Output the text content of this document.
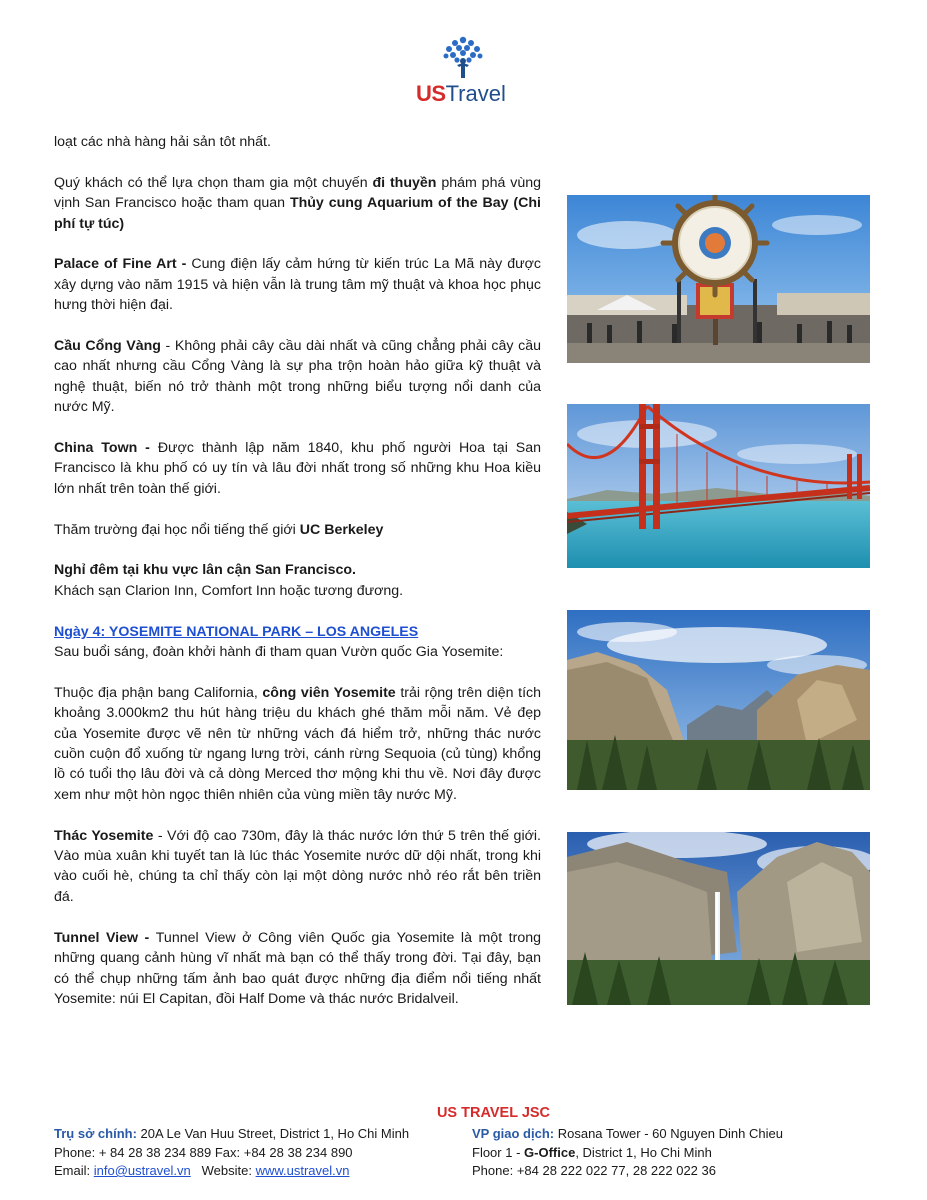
USTravel

loạt các nhà hàng hải sản tôt nhất.

Quý khách có thể lựa chọn tham gia một chuyến đi thuyền phám phá vùng vịnh San Francisco hoặc tham quan Thủy cung Aquarium of the Bay (Chi phí tự túc)

Palace of Fine Art - Cung điện lấy cảm hứng từ kiến trúc La Mã này được xây dựng vào năm 1915 và hiện vẫn là trung tâm mỹ thuật và khoa học phục hưng thời hiện đại.

Cầu Cổng Vàng - Không phải cây cầu dài nhất và cũng chẳng phải cây cầu cao nhất nhưng cầu Cổng Vàng là sự pha trộn hoàn hảo giữa kỹ thuật và nghệ thuật, biến nó trở thành một trong những biểu tượng nổi danh của nước Mỹ.

China Town - Được thành lập năm 1840, khu phố người Hoa tại San Francisco là khu phố có uy tín và lâu đời nhất trong số những khu Hoa kiều lớn nhất trên toàn thế giới.

Thăm trường đại học nổi tiếng thế giới UC Berkeley

Nghỉ đêm tại khu vực lân cận San Francisco.
Khách sạn Clarion Inn, Comfort Inn hoặc tương đương.

Ngày 4: YOSEMITE NATIONAL PARK – LOS ANGELES
Sau buổi sáng, đoàn khởi hành đi tham quan Vườn quốc Gia Yosemite:

Thuộc địa phận bang California, công viên Yosemite trải rộng trên diện tích khoảng 3.000km2 thu hút hàng triệu du khách ghé thăm mỗi năm. Vẻ đẹp của Yosemite được vẽ nên từ những vách đá hiểm trở, những thác nước cuồn cuộn đổ xuống từ ngang lưng trời, cánh rừng Sequoia (củ tùng) khổng lồ có tuổi thọ lâu đời và cả dòng Merced thơ mộng khi thu về. Nơi đây được xem như một hòn ngọc thiên nhiên của vùng miền tây nước Mỹ.

Thác Yosemite - Với độ cao 730m, đây là thác nước lớn thứ 5 trên thế giới. Vào mùa xuân khi tuyết tan là lúc thác Yosemite nước dữ dội nhất, trong khi vào cuối hè, chúng ta chỉ thấy còn lại một dòng nước nhỏ réo rắt bên triền đá.

Tunnel View - Tunnel View ở Công viên Quốc gia Yosemite là một trong những quang cảnh hùng vĩ nhất mà bạn có thể thấy trong đời. Tại đây, bạn có thể chụp những tấm ảnh bao quát được những địa điểm nổi tiếng nhất Yosemite: núi El Capitan, đồi Half Dome và thác nước Bridalveil.

US TRAVEL JSC
Trụ sở chính: 20A Le Van Huu Street, District 1, Ho Chi Minh
Phone: + 84 28 38 234 889 Fax: +84 28 38 234 890
Email: info@ustravel.vn   Website: www.ustravel.vn
VP giao dịch: Rosana Tower - 60 Nguyen Dinh Chieu
Floor 1 - G-Office, District 1, Ho Chi Minh
Phone: +84 28 222 022 77, 28 222 022 36
